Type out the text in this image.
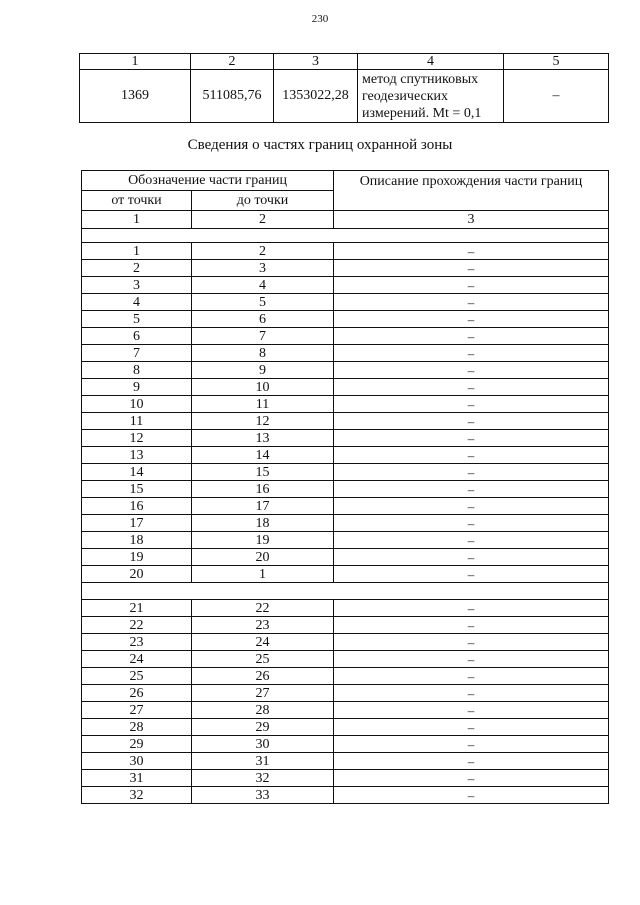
230
1	2	3	4	5
1369	511085,76	1353022,28	метод спутниковых геодезических измерений. Mt = 0,1	–
Сведения о частях границ охранной зоны
Обозначение части границ		Описание прохождения части границ
от точки	до точки	
1	2	3

1	2	–
2	3	–
3	4	–
4	5	–
5	6	–
6	7	–
7	8	–
8	9	–
9	10	–
10	11	–
11	12	–
12	13	–
13	14	–
14	15	–
15	16	–
16	17	–
17	18	–
18	19	–
19	20	–
20	1	–

21	22	–
22	23	–
23	24	–
24	25	–
25	26	–
26	27	–
27	28	–
28	29	–
29	30	–
30	31	–
31	32	–
32	33	–
